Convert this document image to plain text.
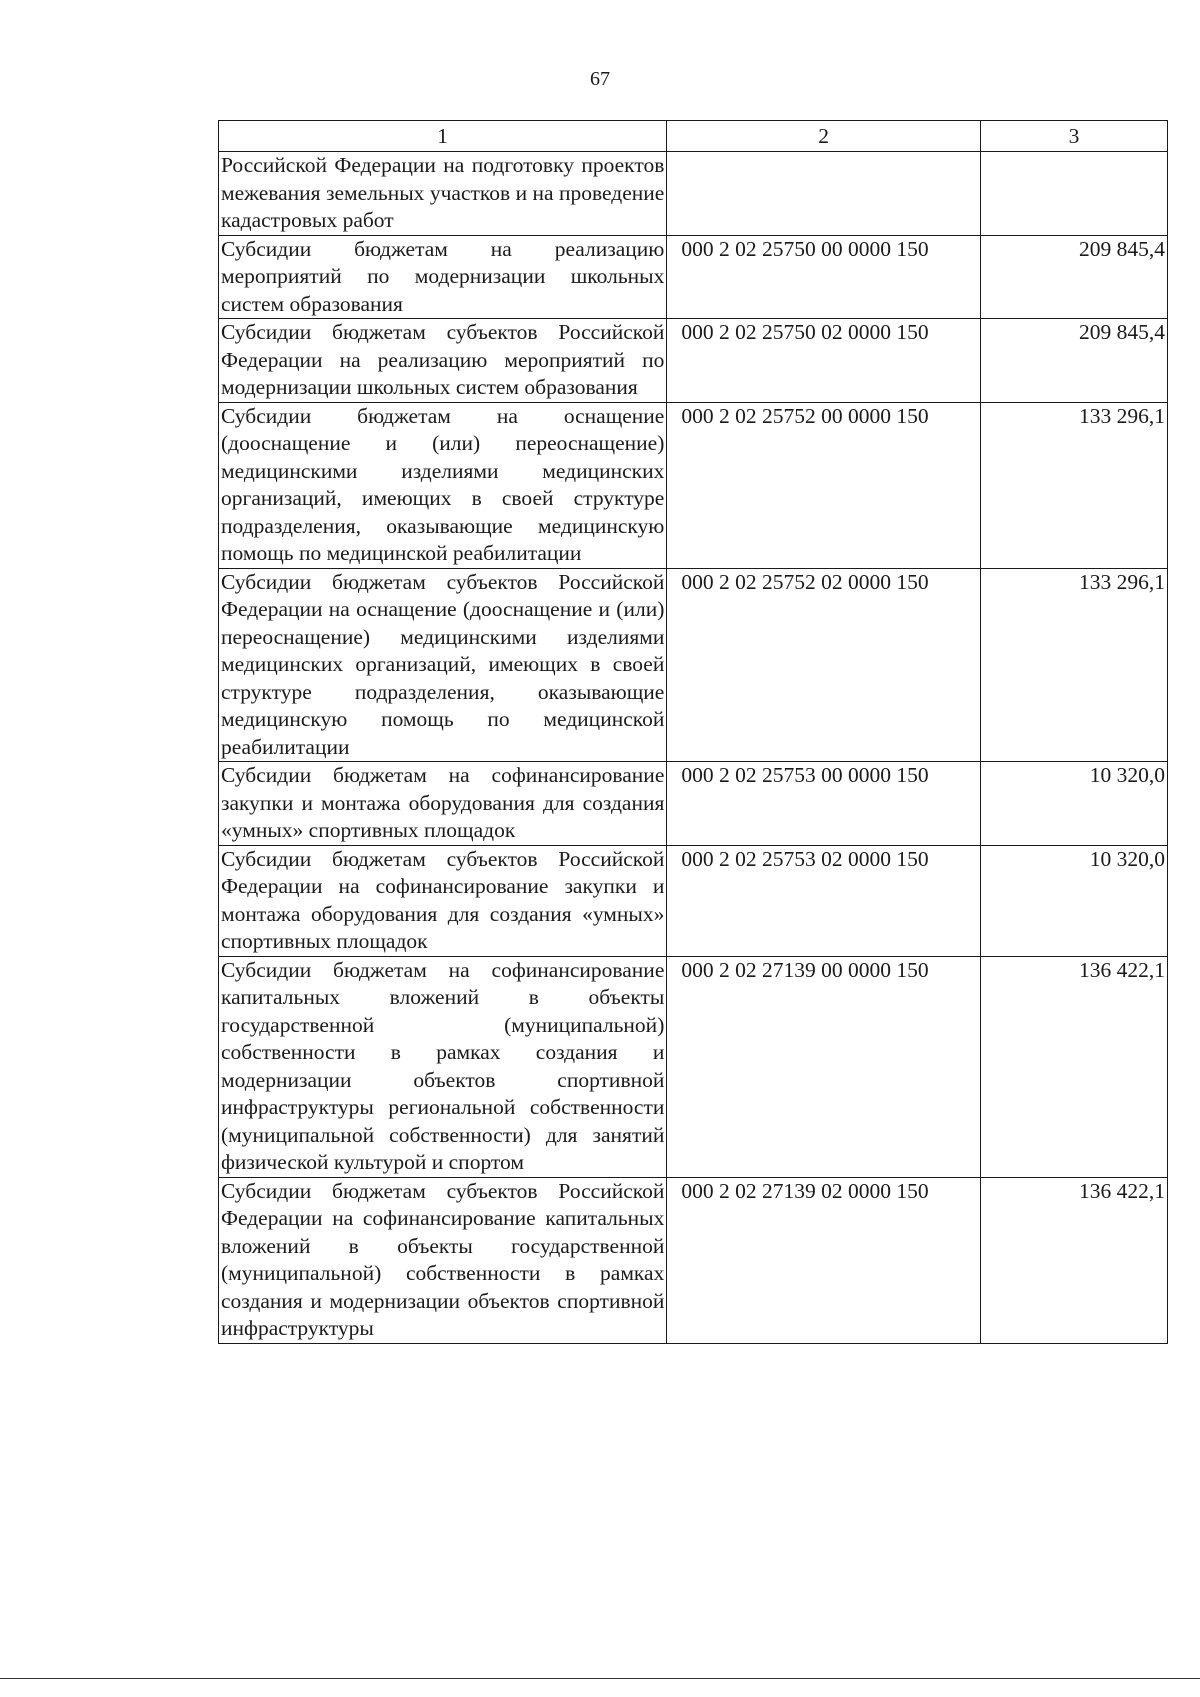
67
1	2	3
Российской Федерации на подготовку проектов межевания земельных участков и на проведение кадастровых работ		
Субсидии бюджетам на реализацию мероприятий по модернизации школьных систем образования	000 2 02 25750 00 0000 150	209 845,4
Субсидии бюджетам субъектов Российской Федерации на реализацию мероприятий по модернизации школьных систем образования	000 2 02 25750 02 0000 150	209 845,4
Субсидии бюджетам на оснащение (дооснащение и (или) переоснащение) медицинскими изделиями медицинских организаций, имеющих в своей структуре подразделения, оказывающие медицинскую помощь по медицинской реабилитации	000 2 02 25752 00 0000 150	133 296,1
Субсидии бюджетам субъектов Российской Федерации на оснащение (дооснащение и (или) переоснащение) медицинскими изделиями медицинских организаций, имеющих в своей структуре подразделения, оказывающие медицинскую помощь по медицинской реабилитации	000 2 02 25752 02 0000 150	133 296,1
Субсидии бюджетам на софинансирование закупки и монтажа оборудования для создания «умных» спортивных площадок	000 2 02 25753 00 0000 150	10 320,0
Субсидии бюджетам субъектов Российской Федерации на софинансирование закупки и монтажа оборудования для создания «умных» спортивных площадок	000 2 02 25753 02 0000 150	10 320,0
Субсидии бюджетам на софинансирование капитальных вложений в объекты государственной (муниципальной) собственности в рамках создания и модернизации объектов спортивной инфраструктуры региональной собственности (муниципальной собственности) для занятий физической культурой и спортом	000 2 02 27139 00 0000 150	136 422,1
Субсидии бюджетам субъектов Российской Федерации на софинансирование капитальных вложений в объекты государственной (муниципальной) собственности в рамках создания и модернизации объектов спортивной инфраструктуры	000 2 02 27139 02 0000 150	136 422,1
